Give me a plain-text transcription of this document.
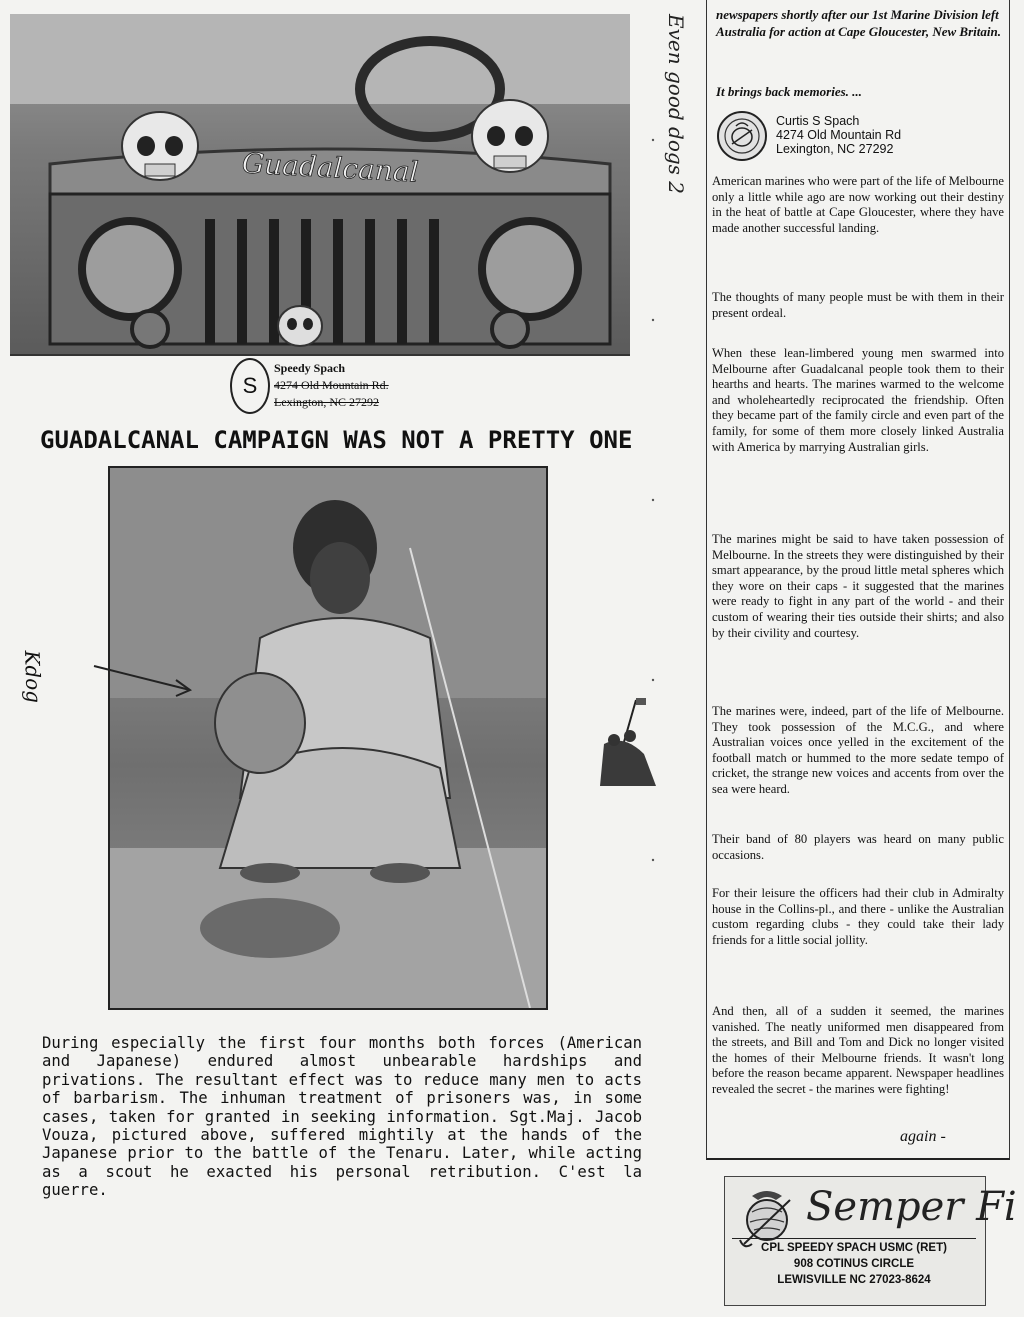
Guadalcanal
S
Speedy Spach
4274 Old Mountain Rd.
Lexington, NC 27292
GUADALCANAL CAMPAIGN WAS NOT A PRETTY ONE
Kdog
During especially the first four months both forces (American and Japanese) endured almost unbearable hardships and privations. The resultant effect was to reduce many men to acts of barbarism. The inhuman treatment of prisoners was, in some cases, taken for granted in seeking information. Sgt.Maj. Jacob Vouza, pictured above, suffered mightily at the hands of the Japanese prior to the battle of the Tenaru. Later, while acting as a scout he exacted his personal retribution. C'est la guerre.
Even good dogs 2 newspapers shortly after our 1st Marine Division left Australia for action at Cape Gloucester, New Britain.
It brings back memories. ...
Curtis S Spach
4274 Old Mountain Rd
Lexington, NC 27292
American marines who were part of the life of Melbourne only a little while ago are now working out their destiny in the heat of battle at Cape Gloucester, where they have made another successful landing.
The thoughts of many people must be with them in their present ordeal.
When these lean-limbered young men swarmed into Melbourne after Guadalcanal people took them to their hearths and hearts. The marines warmed to the welcome and wholeheartedly reciprocated the friendship. Often they became part of the family circle and even part of the family, for some of them more closely linked Australia with America by marrying Australian girls.
The marines might be said to have taken possession of Melbourne. In the streets they were distinguished by their smart appearance, by the proud little metal spheres which they wore on their caps - it suggested that the marines were ready to fight in any part of the world - and their custom of wearing their ties outside their shirts; and also by their civility and courtesy.
The marines were, indeed, part of the life of Melbourne. They took possession of the M.C.G., and where Australian voices once yelled in the excitement of the football match or hummed to the more sedate tempo of cricket, the strange new voices and accents from over the sea were heard.
Their band of 80 players was heard on many public occasions.
For their leisure the officers had their club in Admiralty house in the Collins-pl., and there - unlike the Australian custom regarding clubs - they could take their lady friends for a little social jollity.
And then, all of a sudden it seemed, the marines vanished. The neatly uniformed men disappeared from the streets, and Bill and Tom and Dick no longer visited the homes of their Melbourne friends. It wasn't long before the reason became apparent. Newspaper headlines revealed the secret - the marines were fighting!
again -
Semper Fi
CPL SPEEDY SPACH USMC (RET)
908 COTINUS CIRCLE
LEWISVILLE NC 27023-8624
